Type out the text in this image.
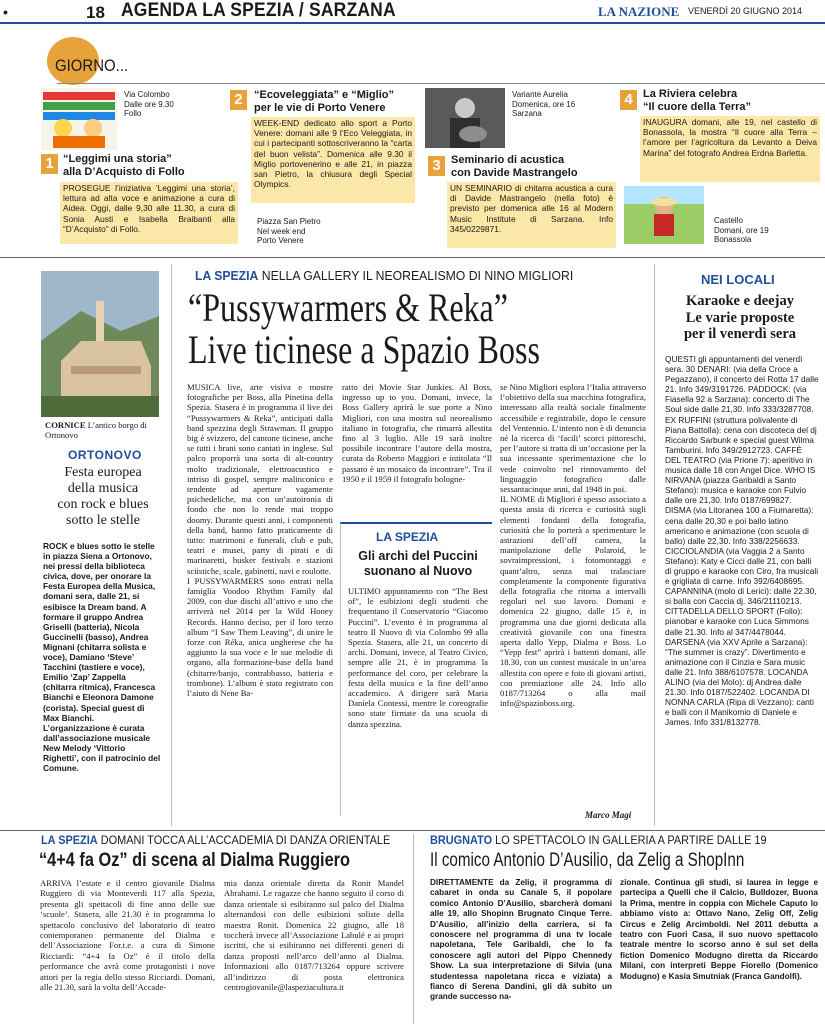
•	18 AGENDA LA SPEZIA / SARZANA	LA NAZIONE VENERDÌ 20 GIUGNO 2014
GIORNO...
Via Colombo
Dalle ore 9.30
Follo
1 “Leggimi una storia”
alla D’Acquisto di Follo
PROSEGUE l’iniziativa ‘Leggimi una storia’, lettura ad alta voce e animazione a cura di Aidea. Oggi, dalle 9,30 alle 11.30, a cura di Sonia Austi e Isabella Braibanti alla “D’Acquisto” di Follo.
2	“Ecoveleggiata” e “Miglio”
per le vie di Porto Venere
WEEK-END dedicato allo sport a Porto Venere: domani alle 9 l’Eco Veleggiata, in cui i partecipanti sottoscriveranno la “carta del buon velista”. Domenica alle 9.30 il Miglio portovenerino e alle 21, in piazza san Pietro, la chiusura degli Special Olympics.
Piazza San Pietro
Nel week end
Porto Venere
Variante Aurelia
Domenica, ore 16
Sarzana
3 Seminario di acustica
con Davide Mastrangelo
UN SEMINARIO di chitarra acustica a cura di Davide Mastrangelo (nella foto) è previsto per domenica alle 16 al Modern Music Institute di Sarzana. Info 345/0229871.
4 La Riviera celebra
“Il cuore della Terra”
INAUGURA domani, alle 19, nel castello di Bonassola, la mostra “Il cuore alla Terra – l’amore per l’agricoltura da Levanto a Deiva Marina” del fotografo Andrea Erdna Barletta.
Castello
Domani, ore 19
Bonassola
CORNICE L’antico borgo di Ortonovo
ORTONOVO
Festa europea
della musica
con rock e blues
sotto le stelle
ROCK e blues sotto le stelle in piazza Siena a Ortonovo, nei pressi della biblioteca civica, dove, per onorare la Festa Europea della Musica, domani sera, dalle 21, si esibisce la Dream band. A formare il gruppo Andrea Griselli (batteria), Nicola Guccinelli (basso), Andrea Mignani (chitarra solista e voce), Damiano ‘Steve’ Tacchini (tastiere e voce), Emilio ‘Zap’ Zappella (chitarra ritmica), Francesca Bianchi e Eleonora Damone (corista). Special guest di Max Bianchi.
L’organizzazione è curata dall’associazione musicale New Melody ‘Vittorio Righetti’, con il patrocinio del Comune.
LA SPEZIA NELLA GALLERY IL NEOREALISMO DI NINO MIGLIORI
“Pussywarmers & Reka”
Live ticinese a Spazio Boss
MUSICA live, arte visiva e mostre fotografiche per Boss, alla Pinetina della Spezia. Stasera è in programma il live dei “Pussywarmers & Reka”, anticipati dalla band spezzina degli Strawman. Il gruppo big è svizzero, del cantone ticinese, anche se tutti i brani sono cantati in inglese. Sul palco proporrà una sorta di alt-country molto tradizionale, elettroacustico e intriso di gospel, sempre malinconico e tendente ad aperture vagamente psichedeliche, ma con un’autoironia di fondo che non lo rende mai troppo doomy. Durante questi anni, i componenti della band, hanno fatto praticamente di tutto: matrimoni e funerali, club e pub, teatri e musei, party di pirati e di marinaretti, busker festivals e stazioni sciistiche, scale, gabinetti, navi e roulotte.
I PUSSYWARMERS sono entrati nella famiglia Voodoo Rhythm Family dal 2009, con due dischi all’attivo e uno che arriverà nel 2014 per la Wild Honey Records. Hanno deciso, per il loro terzo album “I Saw Them Leaving”, di unire le forze con Réka, anica ungherese che ha aggiunto la sua voce e le sue melodie di organo, alla formazione-base della band (chitarre/banjo, contrabbasso, batteria e trombone). L’album è stato registrato con l’aiuto di Nene Ba-
ratto dei Movie Star Junkies. Al Boss, ingresso up to you. Domani, invece, la Boss Gallery aprirà le sue porte a Nino Migliori, con una mostra sul neorealismo italiano in fotografia, che rimarrà allestita fino al 3 luglio. Alle 19 sarà inoltre possibile incontrare l’autore della mostra, curata da Roberto Maggiori e intitolata “Il passato è un mosaico da incontrare”. Tra il 1950 e il 1959 il fotografo bologne-
se Nino Migliori esplora l’Italia attraverso l’obiettivo della sua macchina fotografica, interessato alla realtà sociale finalmente accessibile e registrabile, dopo le censure del Ventennio. L’intento non è di denuncia né la ricerca di ‘facili’ scorci pittoreschi, per l’autore si tratta di un’occasione per la sua incessante sperimentazione che lo vede coinvolto nel rinnovamento del linguaggio fotografico dalle sessantacinque anni, dal 1948 in poi.
IL NOME di Migliori è spesso associato a questa ansia di ricerca e curiosità sugli elementi fondanti della fotografia, curiosità che lo porterà a sperimentare le astrazioni dell’off camera, la manipolazione delle Polaroid, le sovraimpressioni, i fotomontaggi e quant’altro, senza mai tralasciare completamente la componente figurativa della fotografia che ritorna a intervalli regolari nel suo lavoro. Domani e domenica 22 giugno, dalle 15 è, in programma una due giorni dedicata alla creatività giovanile con una finestra aperta dallo Yepp, Dialma e Boss. Lo “Yepp fest” aprirà i battenti domani, alle 18.30, con un contest musicale in un’area allestita con opere e foto di giovani artisti, con premiazione alle 24. Info allo 0187/713264 o alla mail info@spazioboss.org.
Marco Magi
LA SPEZIA
Gli archi del Puccini
suonano al Nuovo
ULTIMO appuntamento con “The Best of”, le esibizioni degli studenti che frequentano il Conservatorio “Giacomo Puccini”. L’evento è in programma al teatro Il Nuovo di via Colombo 99 alla Spezia. Stasera, alle 21, un concerto di archi. Domani, invece, al Teatro Civico, sempre alle 21, è in programma la performance del coro, per celebrare la festa della musica e la fine dell’anno accademico. A dirigere sarà Maria Daniela Contessi, mentre le coreografie sono state firmate da una scuola di danza spezzina.
NEI LOCALI
Karaoke e deejay
Le varie proposte
per il venerdì sera
QUESTI gli appuntamenti del venerdì sera. 30 DENARI: (via della Croce a Pegazzano), il concerto dei Rotta 17 dalle 21. Info 349/3191726. PADDOCK: (via Fiasella 92 a Sarzana): concerto di The Soul side dalle 21,30. Info 333/3287708. EX RUFFINI (struttura polivalente di Piana Battolla): cena con discoteca del dj Riccardo Sarbunk e special guest Wilma Tamburini. Info 349/2912723. CAFFÈ DEL TEATRO (via Prione 7): aperitivo in musica dalle 18 con Angel Dice. WHO IS NIRVANA (piazza Garibaldi a Santo Stefano): musica e karaoke con Fulvio dalle ore 21,30. Info 0187/699827. DISMA (via Litoranea 100 a Fiumaretta): cena dalle 20,30 e poi ballo latino americano e animazione (con scuola di ballo) dalle 22,30. Info 338/2256633. CICCIOLANDIA (via Vaggia 2 a Santo Stefano): Katy e Cicci dalle 21, con balli di gruppo e karaoke con Ciro, fra musicali e grigliata di carne. Info 392/6408695. CAPANNINA (molo di Lerici): dalle 22.30, si balla con Caccia dj. 346/21110213. CITTADELLA DELLO SPORT (Follo): pianobar e karaoke con Luca Simmons dalle 21.30. Info al 347/4478044. DARSENA (via XXV Aprile a Sarzana): “The summer is crazy”. Divertimento e animazione con il Cinzia e Sara music dalle 21. Info 388/6107578. LOCANDA ALINO (via del Molo): dj Andrea dalle 21.30. Info 0187/522402. LOCANDA DI NONNA CARLA (Ripa di Vezzano): canti e balli con il Manikomio di Daniele e James. Info 331/8132778.
LA SPEZIA DOMANI TOCCA ALL’ACCADEMIA DI DANZA ORIENTALE
“4+4 fa Oz” di scena al Dialma Ruggiero
ARRIVA l’estate e il centro giovanile Dialma Ruggiero di via Monteverdi 117 alla Spezia, presenta gli spettacoli di fine anno delle sue ‘scuole’. Stasera, alle 21.30 è in programma lo spettacolo conclusivo del laboratorio di teatro contemporaneo permanente del Dialma e dell’Associazione For.t.e. a cura di Simone Ricciardi: “4+4 fa Oz” è il titolo della performance che avrà come protagonisti i nove attori per la regia dello stesso Ricciardi. Domani, alle 21.30, sarà la volta dell’Accade-
mia danza orientale diretta da Ronit Mandel Abrahami. Le ragazze che hanno seguito il corso di danza orientale si esibiranno sul palco del Dialma alternandosi con delle esibizioni soliste della maestra Ronit. Domenica 22 giugno, alle 18 toccherà invece all’Associazione Labulé e ai propri iscritti, che si esibiranno nei differenti generi di danza proposti nell’arco dell’anno al Dialma. Informazioni allo 0187/713264 oppure scrivere all’indirizzo di posta elettronica centrogiovanile@laspeziacultura.it
BRUGNATO LO SPETTACOLO IN GALLERIA A PARTIRE DALLE 19
Il comico Antonio D’Ausilio, da Zelig a ShopInn
DIRETTAMENTE da Zelig, il programma di cabaret in onda su Canale 5, il popolare comico Antonio D’Ausilio, sbarcherà domani alle 19, allo Shopinn Brugnato Cinque Terre. D’Ausilio, all’inizio della carriera, si fa conoscere nel programma di una tv locale napoletana, Tele Garibaldi, che lo fa conoscere agli autori del Pippo Chennedy Show. La sua interpretazione di Silvia (una studentessa napoletana ricca e viziata) a fianco di Serena Dandini, gli dà subito un grande successo na-
zionale. Continua gli studi, si laurea in legge e partecipa a Quelli che il Calcio, Bulldozer, Buona la Prima, mentre in coppia con Michele Caputo lo abbiamo visto a: Ottavo Nano, Zelig Off, Zelig Circus e Zelig Arcimboldi. Nel 2011 debutta a teatro con Fuori Casa, il suo nuovo spettacolo teatrale mentre lo scorso anno è sul set della fiction Domenico Modugno diretta da Riccardo Milani, con interpreti Beppe Fiorello (Domenico Modugno) e Kasia Smutniak (Franca Gandolfi).
